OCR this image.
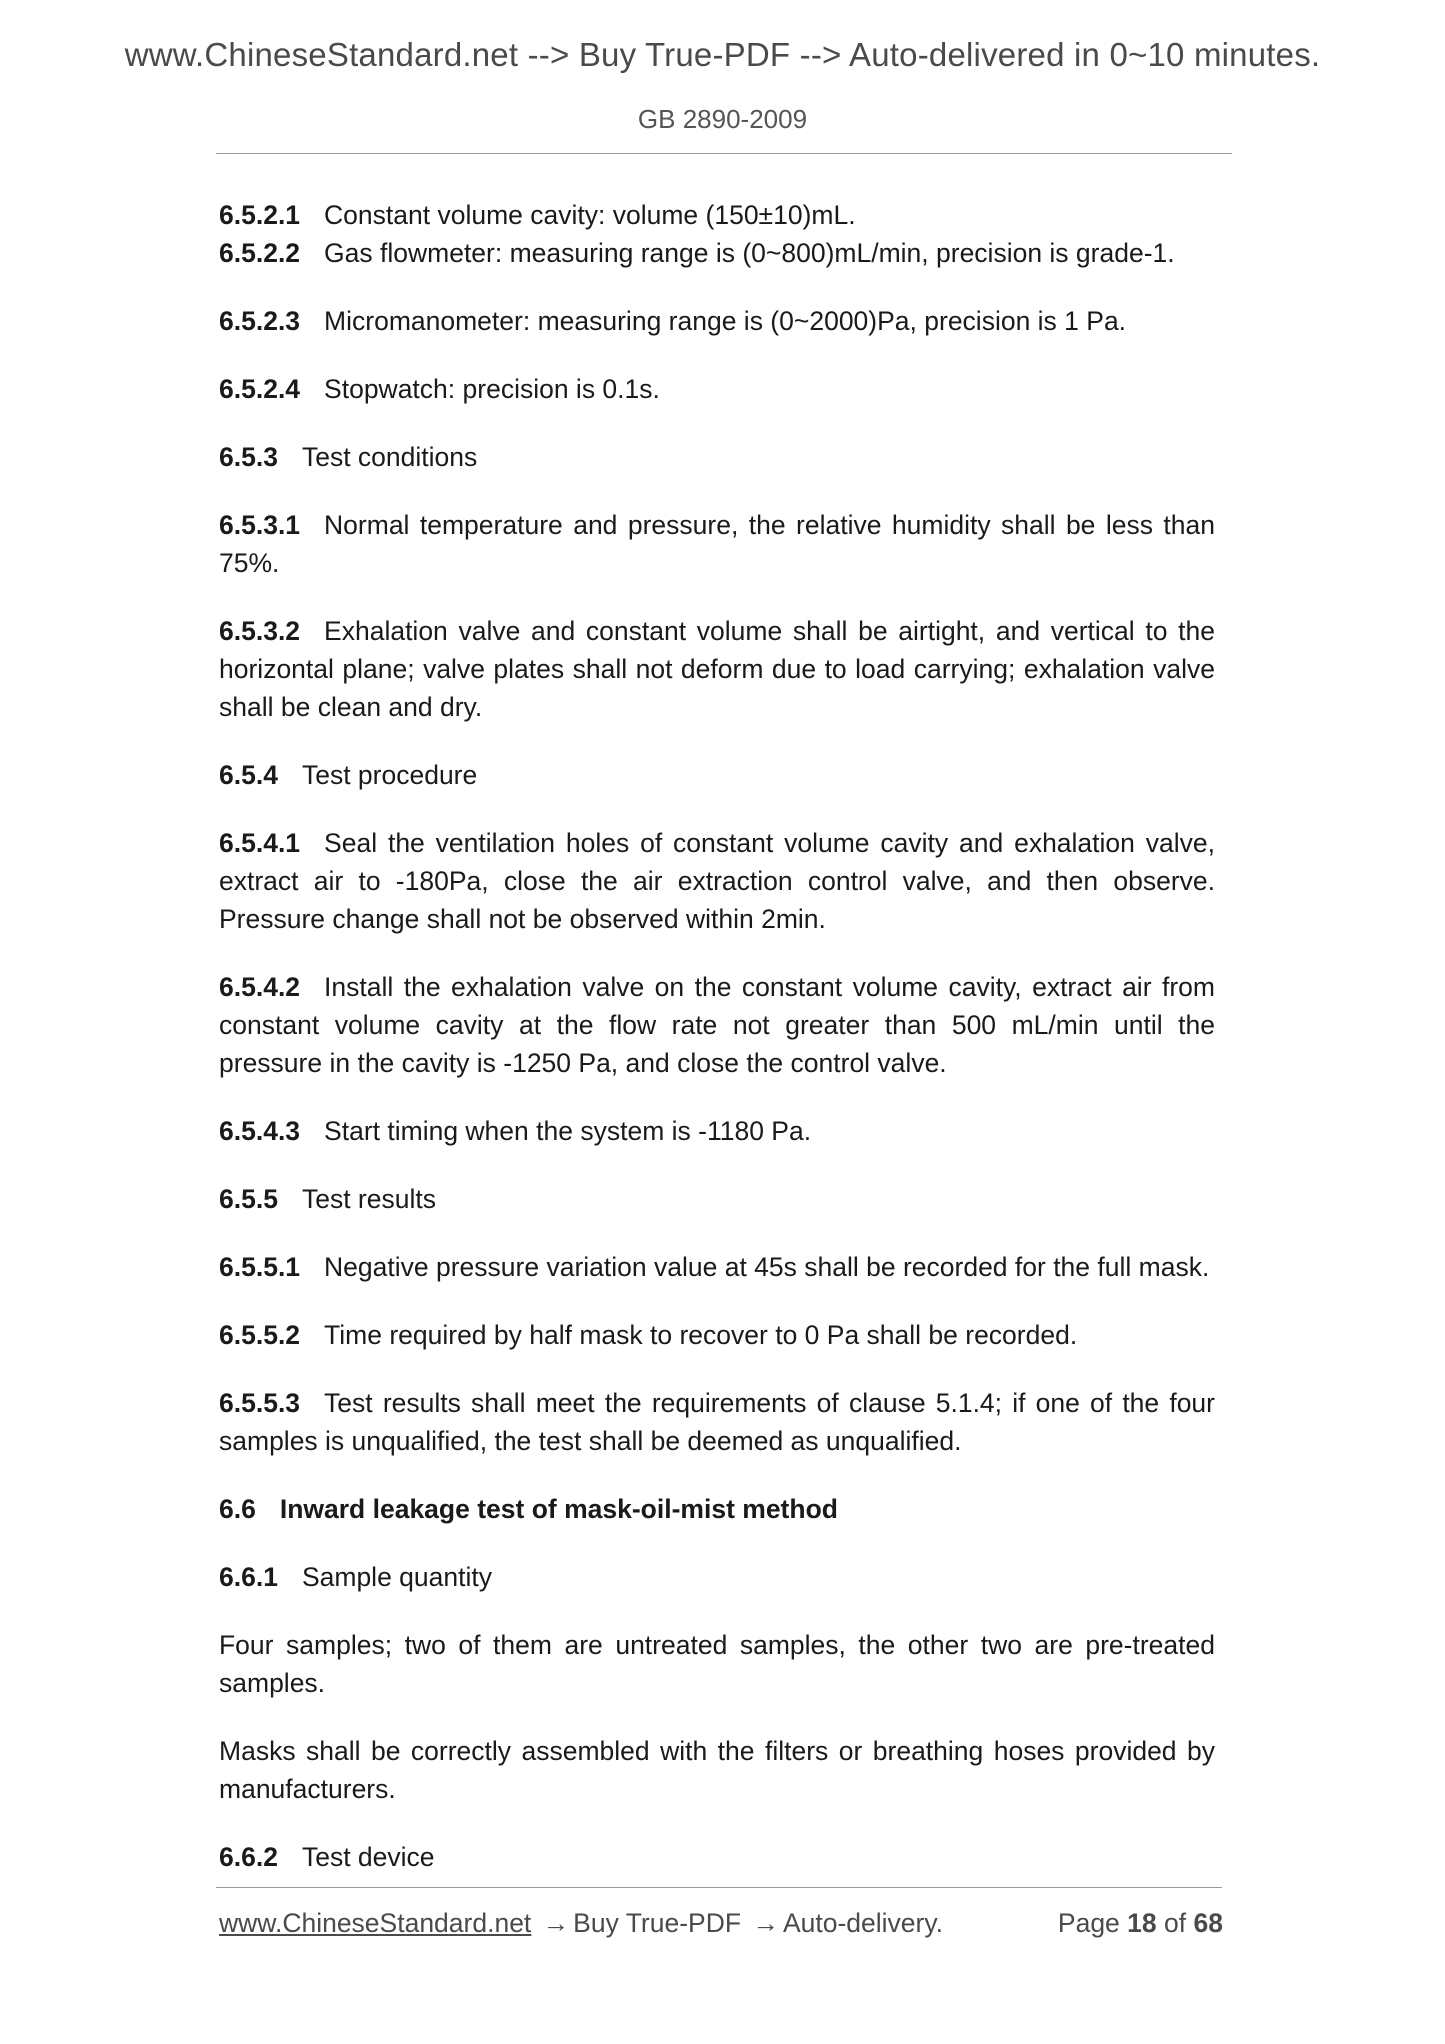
www.ChineseStandard.net --> Buy True-PDF --> Auto-delivered in 0~10 minutes.
GB 2890-2009

6.5.2.1 Constant volume cavity: volume (150±10)mL.

6.5.2.2 Gas flowmeter: measuring range is (0~800)mL/min, precision is grade-1.

6.5.2.3 Micromanometer: measuring range is (0~2000)Pa, precision is 1 Pa.

6.5.2.4 Stopwatch: precision is 0.1s.

6.5.3 Test conditions

6.5.3.1 Normal temperature and pressure, the relative humidity shall be less than 75%.

6.5.3.2 Exhalation valve and constant volume shall be airtight, and vertical to the horizontal plane; valve plates shall not deform due to load carrying; exhalation valve shall be clean and dry.

6.5.4 Test procedure

6.5.4.1 Seal the ventilation holes of constant volume cavity and exhalation valve, extract air to -180Pa, close the air extraction control valve, and then observe. Pressure change shall not be observed within 2min.

6.5.4.2 Install the exhalation valve on the constant volume cavity, extract air from constant volume cavity at the flow rate not greater than 500 mL/min until the pressure in the cavity is -1250 Pa, and close the control valve.

6.5.4.3 Start timing when the system is -1180 Pa.

6.5.5 Test results

6.5.5.1 Negative pressure variation value at 45s shall be recorded for the full mask.

6.5.5.2 Time required by half mask to recover to 0 Pa shall be recorded.

6.5.5.3 Test results shall meet the requirements of clause 5.1.4; if one of the four samples is unqualified, the test shall be deemed as unqualified.

6.6 Inward leakage test of mask-oil-mist method

6.6.1 Sample quantity

Four samples; two of them are untreated samples, the other two are pre-treated samples.

Masks shall be correctly assembled with the filters or breathing hoses provided by manufacturers.

6.6.2 Test device

www.ChineseStandard.net → Buy True-PDF → Auto-delivery.	Page 18 of 68
